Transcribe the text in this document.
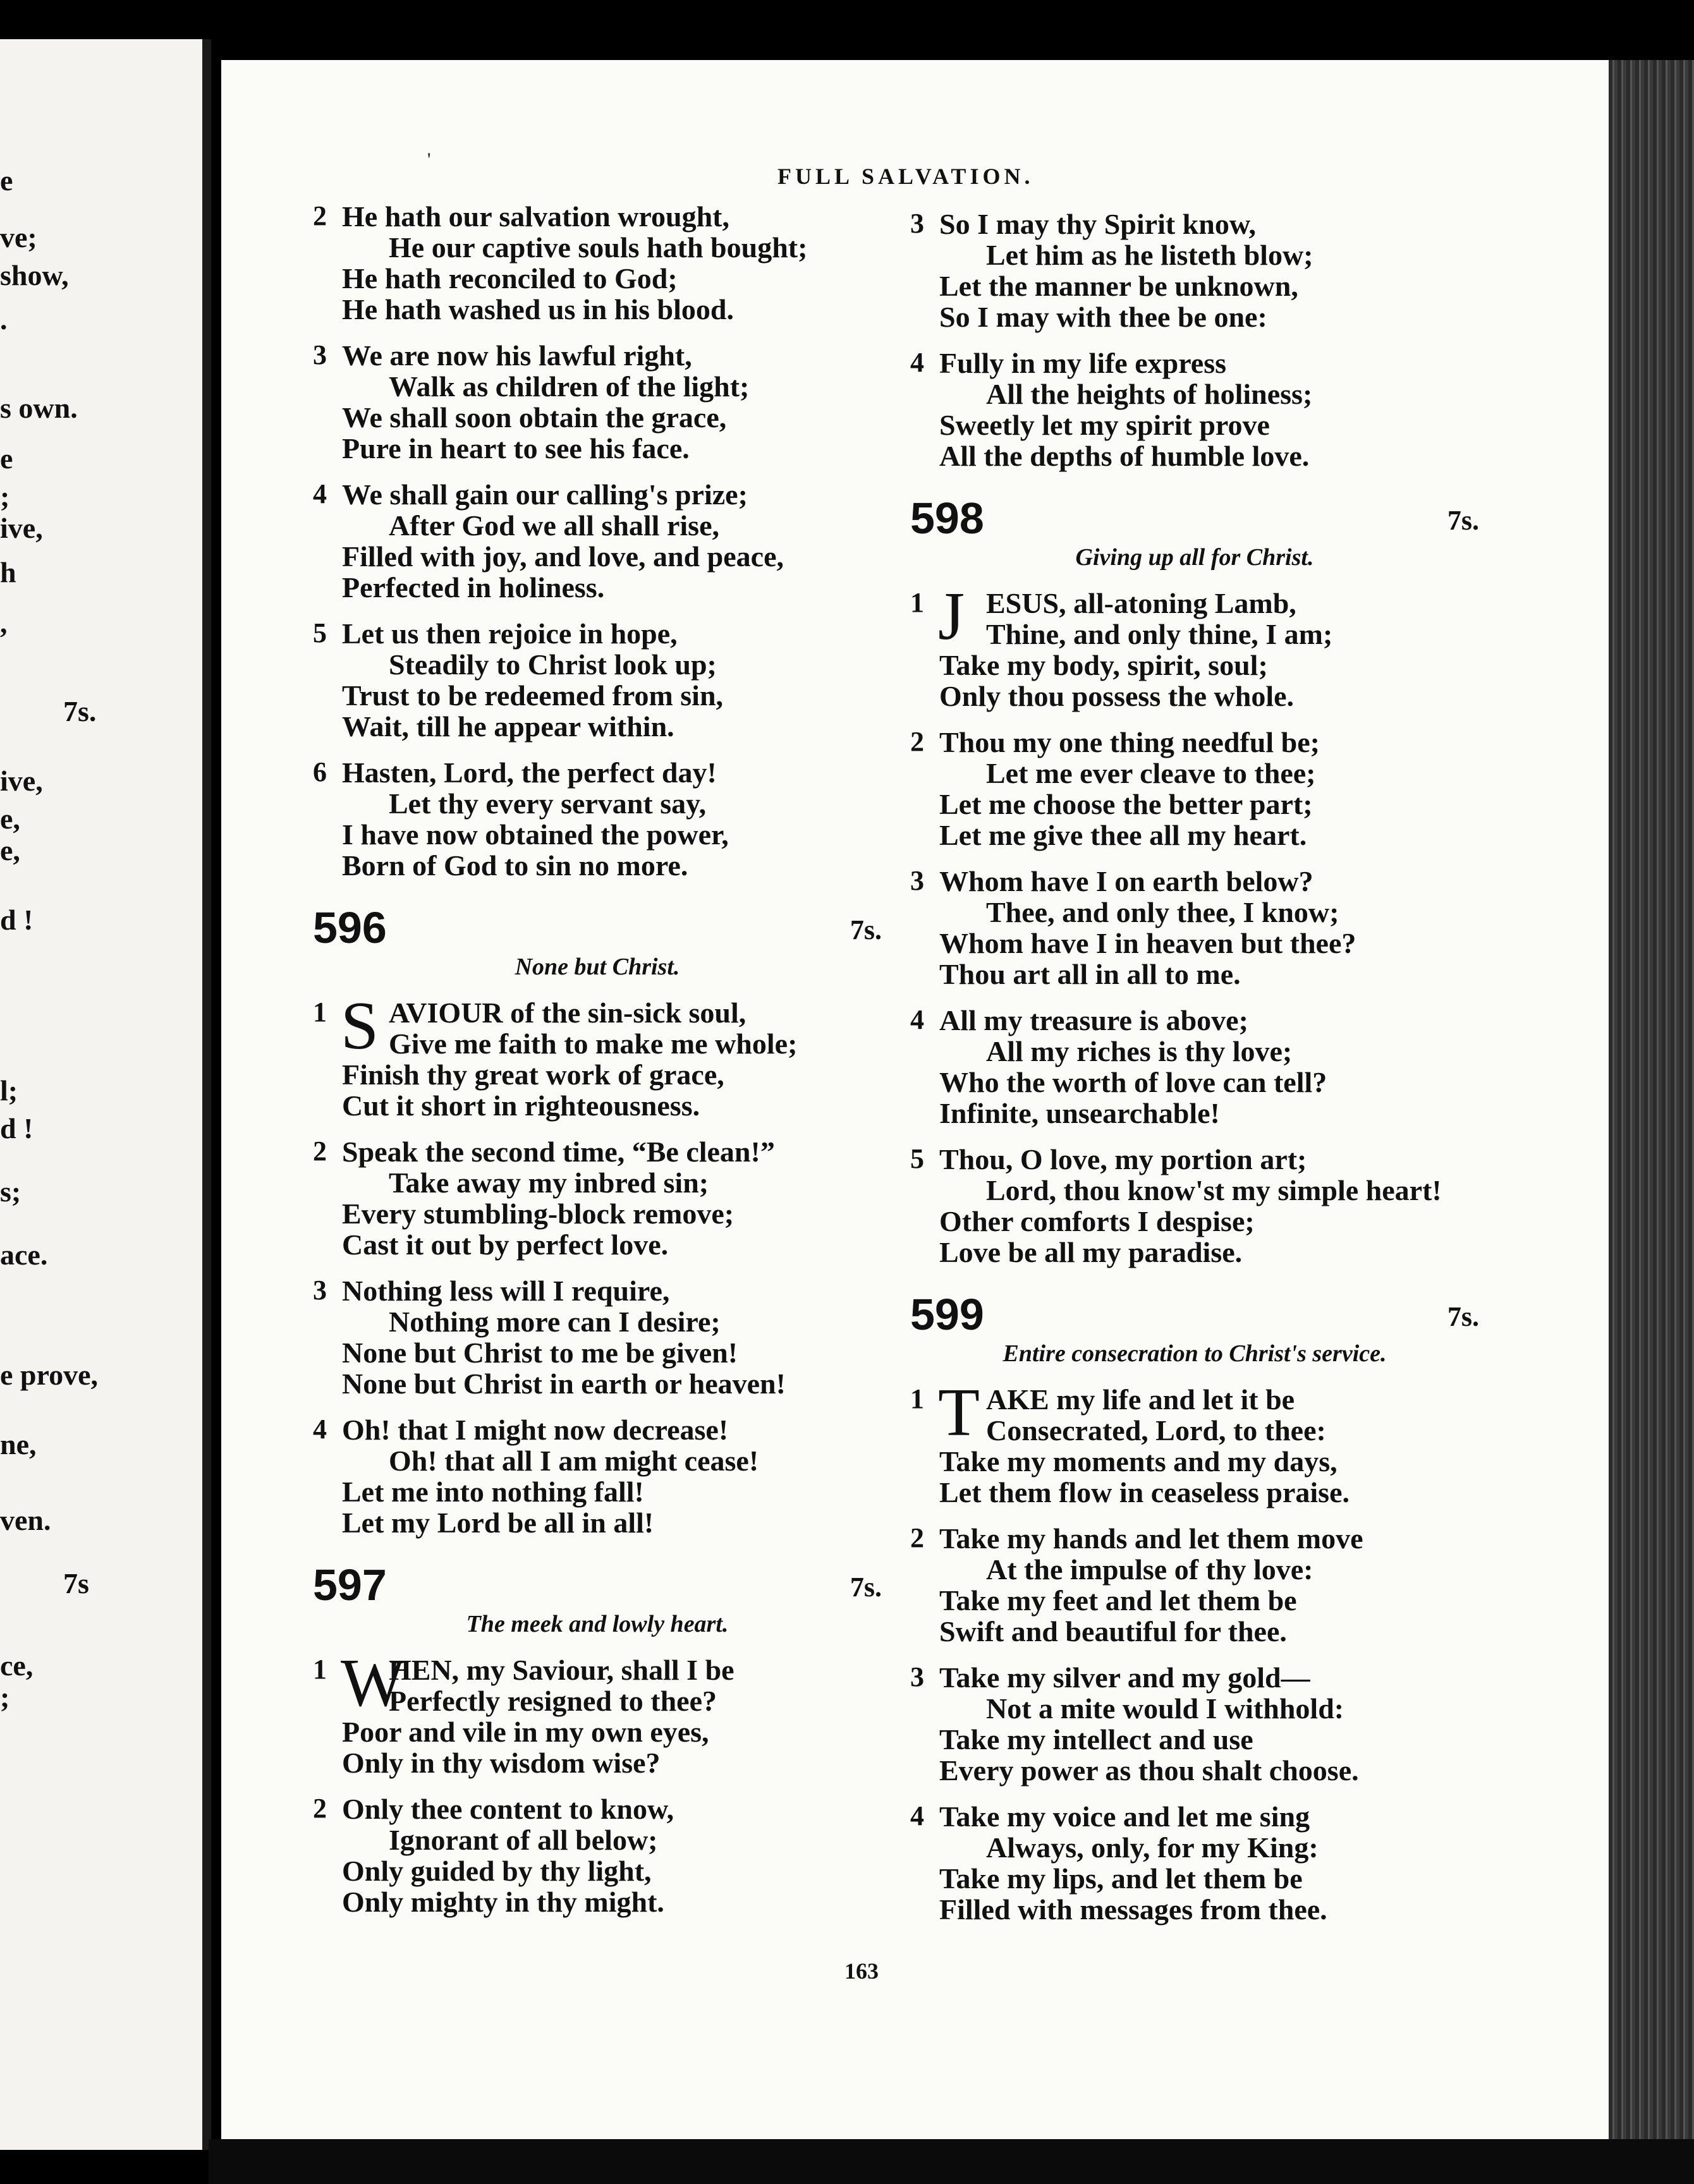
e
ve;
show,
.
s own.
e
;
ive,
h
,
7s.
ive,
e,
e,
d !
l;
d !
s;
ace.
e prove,
ne,
ven.
7s
ce,
;
'
FULL SALVATION.
2 He hath our salvation wrought,
He our captive souls hath bought;
He hath reconciled to God;
He hath washed us in his blood.
3 We are now his lawful right,
Walk as children of the light;
We shall soon obtain the grace,
Pure in heart to see his face.
4 We shall gain our calling's prize;
After God we all shall rise,
Filled with joy, and love, and peace,
Perfected in holiness.
5 Let us then rejoice in hope,
Steadily to Christ look up;
Trust to be redeemed from sin,
Wait, till he appear within.
6 Hasten, Lord, the perfect day!
Let thy every servant say,
I have now obtained the power,
Born of God to sin no more.
596	7s.
None but Christ.
1 S AVIOUR of the sin-sick soul,
Give me faith to make me whole;
Finish thy great work of grace,
Cut it short in righteousness.
2 Speak the second time, “Be clean!”
Take away my inbred sin;
Every stumbling-block remove;
Cast it out by perfect love.
3 Nothing less will I require,
Nothing more can I desire;
None but Christ to me be given!
None but Christ in earth or heaven!
4 Oh! that I might now decrease!
Oh! that all I am might cease!
Let me into nothing fall!
Let my Lord be all in all!
597	7s.
The meek and lowly heart.
1 W
HEN, my Saviour, shall I be
Perfectly resigned to thee?
Poor and vile in my own eyes,
Only in thy wisdom wise?
2 Only thee content to know,
Ignorant of all below;
Only guided by thy light,
Only mighty in thy might.
3 So I may thy Spirit know,
Let him as he listeth blow;
Let the manner be unknown,
So I may with thee be one:
4 Fully in my life express
All the heights of holiness;
Sweetly let my spirit prove
All the depths of humble love.
598	7s.
Giving up all for Christ.
1 J ESUS, all-atoning Lamb,
Thine, and only thine, I am;
Take my body, spirit, soul;
Only thou possess the whole.
2 Thou my one thing needful be;
Let me ever cleave to thee;
Let me choose the better part;
Let me give thee all my heart.
3 Whom have I on earth below?
Thee, and only thee, I know;
Whom have I in heaven but thee?
Thou art all in all to me.
4 All my treasure is above;
All my riches is thy love;
Who the worth of love can tell?
Infinite, unsearchable!
5 Thou, O love, my portion art;
Lord, thou know'st my simple heart!
Other comforts I despise;
Love be all my paradise.
599	7s.
Entire consecration to Christ's service.
1 T AKE my life and let it be
Consecrated, Lord, to thee:
Take my moments and my days,
Let them flow in ceaseless praise.
2 Take my hands and let them move
At the impulse of thy love:
Take my feet and let them be
Swift and beautiful for thee.
3 Take my silver and my gold—
Not a mite would I withhold:
Take my intellect and use
Every power as thou shalt choose.
4 Take my voice and let me sing
Always, only, for my King:
Take my lips, and let them be
Filled with messages from thee.
163
